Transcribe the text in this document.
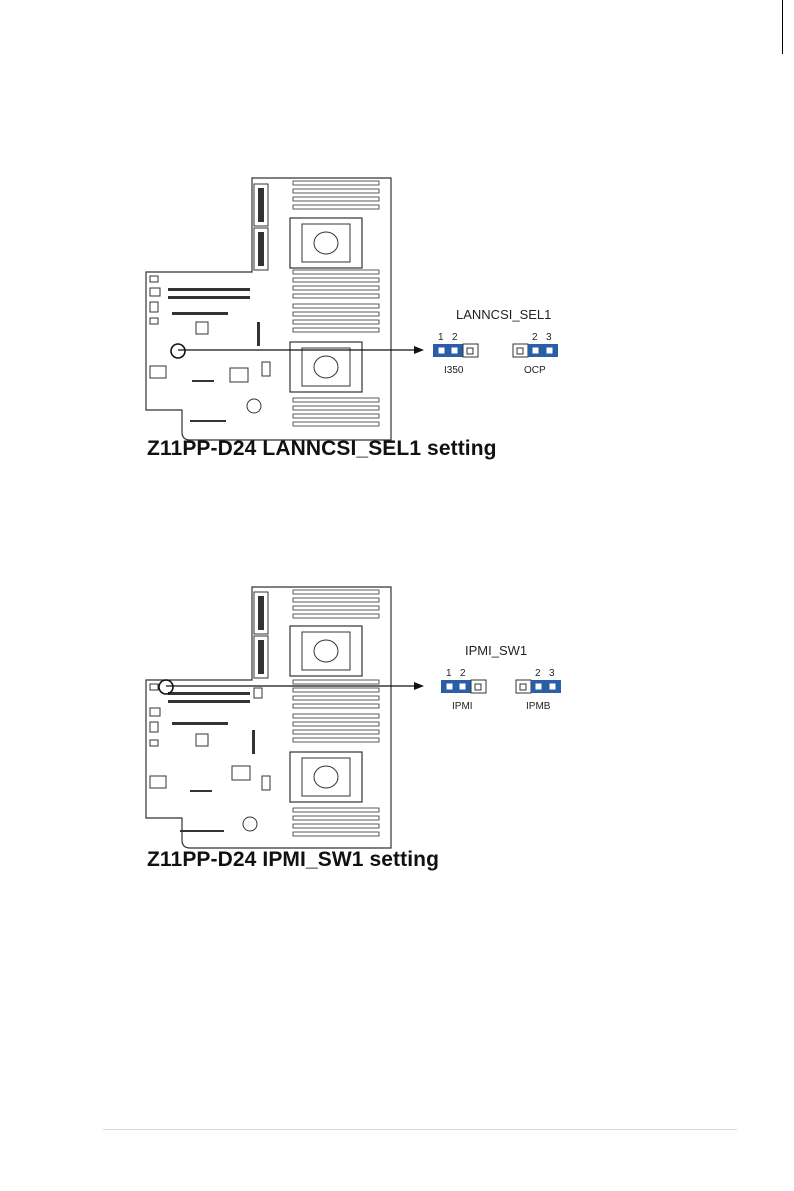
LANNCSI_SEL1
1 2
I350
2 3
OCP
Z11PP-D24 LANNCSI_SEL1 setting
IPMI_SW1
1 2
IPMI
2 3
IPMB
Z11PP-D24 IPMI_SW1 setting
